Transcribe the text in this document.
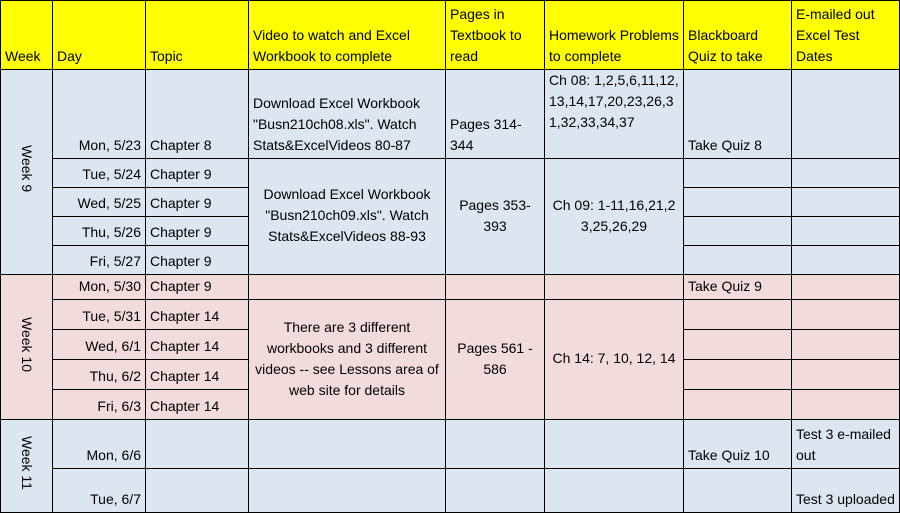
Week	Day	Topic	Video to watch and Excel Workbook to complete	Pages in Textbook to read	Homework Problems to complete	Blackboard Quiz to take	E-mailed out Excel Test Dates
Week 9	Mon, 5/23	Chapter 8	Download Excel Workbook "Busn210ch08.xls". Watch Stats&ExcelVideos 80-87	Pages 314-344	Ch 08: 1,2,5,6,11,12,13,14,17,20,23,26,31,32,33,34,37	Take Quiz 8	
	Tue, 5/24	Chapter 9	Download Excel Workbook "Busn210ch09.xls". Watch Stats&ExcelVideos 88-93	Pages 353-393	Ch 09: 1-11,16,21,23,25,26,29		
	Wed, 5/25	Chapter 9					
	Thu, 5/26	Chapter 9					
	Fri, 5/27	Chapter 9					
Week 10	Mon, 5/30	Chapter 9				Take Quiz 9	
	Tue, 5/31	Chapter 14	There are 3 different workbooks and 3 different videos -- see Lessons area of web site for details	Pages 561 - 586	Ch 14: 7, 10, 12, 14		
	Wed, 6/1	Chapter 14					
	Thu, 6/2	Chapter 14					
	Fri, 6/3	Chapter 14					
Week 11	Mon, 6/6					Take Quiz 10	Test 3 e-mailed out
	Tue, 6/7						Test 3 uploaded
